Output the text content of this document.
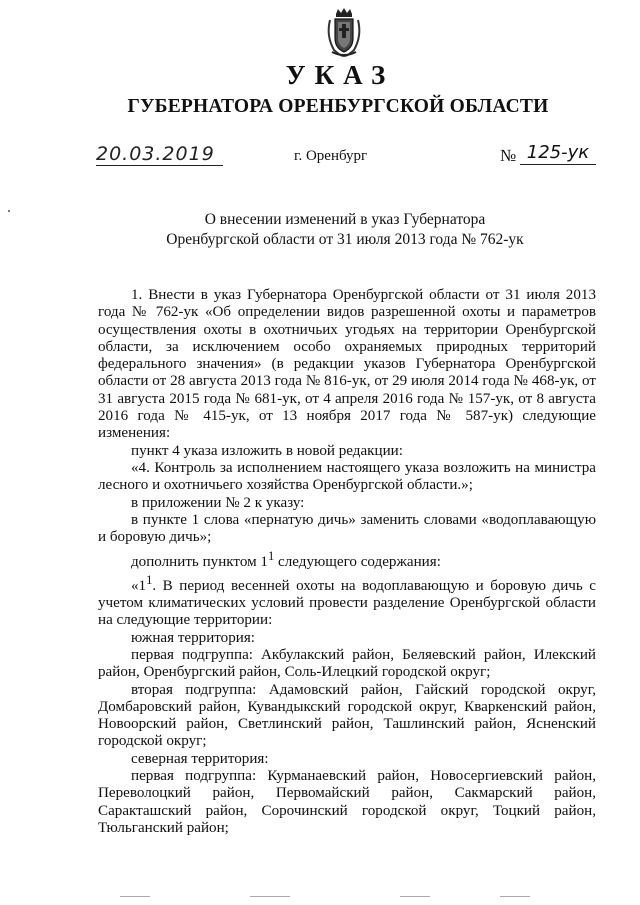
УКАЗ
ГУБЕРНАТОРА ОРЕНБУРГСКОЙ ОБЛАСТИ
20.03.2019	г. Оренбург	№ 125-ук
О внесении изменений в указ Губернатора
Оренбургской области от 31 июля 2013 года № 762-ук

1. Внести в указ Губернатора Оренбургской области от 31 июля 2013 года № 762-ук «Об определении видов разрешенной охоты и параметров осуществления охоты в охотничьих угодьях на территории Оренбургской области, за исключением особо охраняемых природных территорий федерального значения» (в редакции указов Губернатора Оренбургской области от 28 августа 2013 года № 816-ук, от 29 июля 2014 года № 468-ук, от 31 августа 2015 года № 681-ук, от 4 апреля 2016 года № 157-ук, от 8 августа 2016 года № 415-ук, от 13 ноября 2017 года № 587-ук) следующие изменения:

пункт 4 указа изложить в новой редакции:

«4. Контроль за исполнением настоящего указа возложить на министра лесного и охотничьего хозяйства Оренбургской области.»;

в приложении № 2 к указу:

в пункте 1 слова «пернатую дичь» заменить словами «водоплавающую и боровую дичь»;

дополнить пунктом $1^1$ следующего содержания:

«$1^1$. В период весенней охоты на водоплавающую и боровую дичь с учетом климатических условий провести разделение Оренбургской области на следующие территории:

южная территория:

первая подгруппа: Акбулакский район, Беляевский район, Илекский район, Оренбургский район, Соль-Илецкий городской округ;

вторая подгруппа: Адамовский район, Гайский городской округ, Домбаровский район, Кувандыкский городской округ, Кваркенский район, Новоорский район, Светлинский район, Ташлинский район, Ясненский городской округ;

северная территория:

первая подгруппа: Курманаевский район, Новосергиевский район, Переволоцкий район, Первомайский район, Сакмарский район, Саракташский район, Сорочинский городской округ, Тоцкий район, Тюльганский район;
